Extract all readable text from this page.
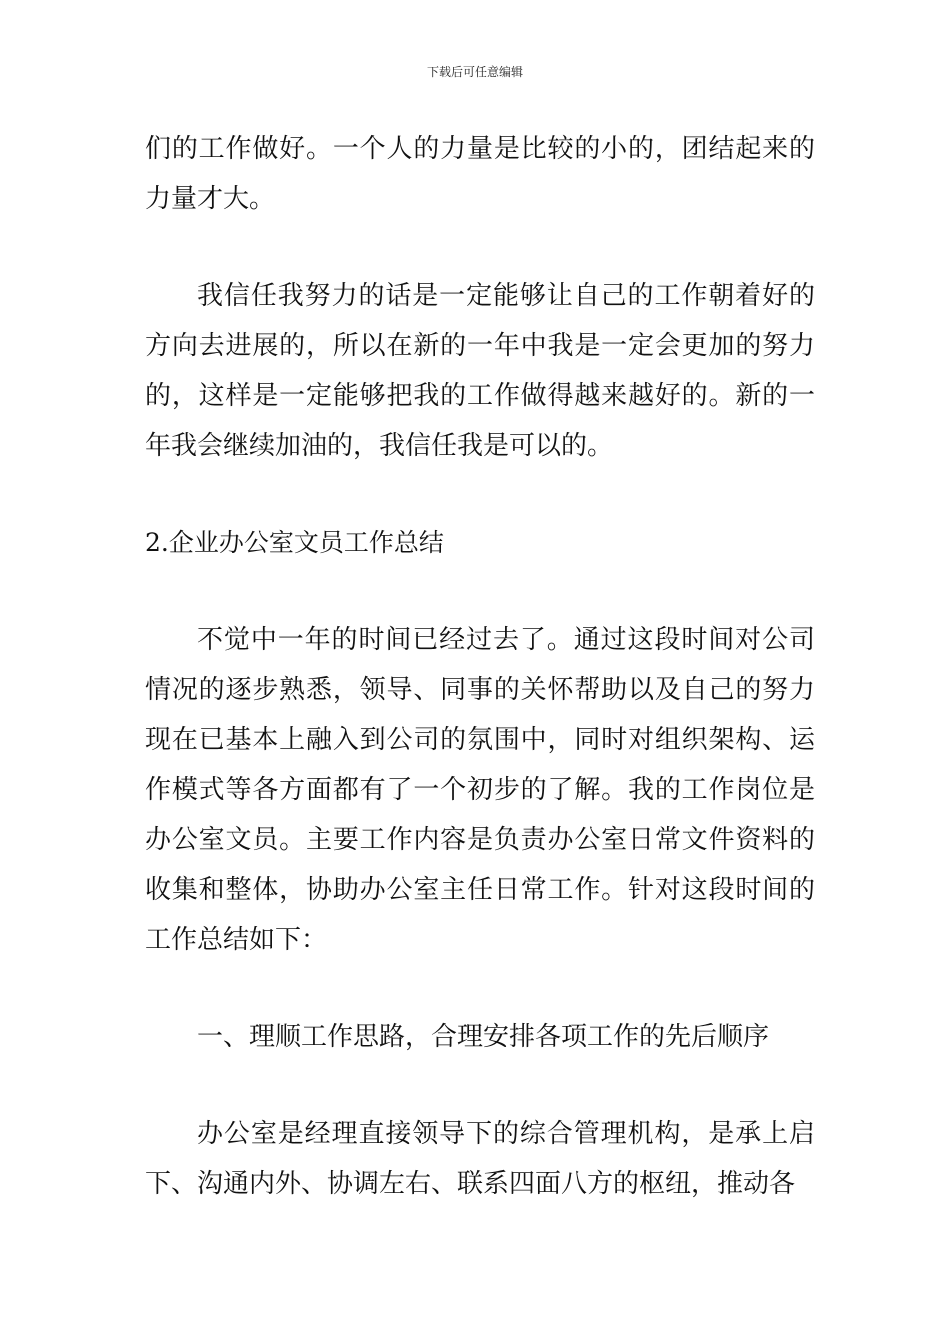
下载后可任意编辑

们的工作做好。一个人的力量是比较的小的，团结起来的力量才大。

我信任我努力的话是一定能够让自己的工作朝着好的方向去进展的，所以在新的一年中我是一定会更加的努力的，这样是一定能够把我的工作做得越来越好的。新的一年我会继续加油的，我信任我是可以的。

2.企业办公室文员工作总结

不觉中一年的时间已经过去了。通过这段时间对公司情况的逐步熟悉，领导、同事的关怀帮助以及自己的努力现在已基本上融入到公司的氛围中，同时对组织架构、运作模式等各方面都有了一个初步的了解。我的工作岗位是办公室文员。主要工作内容是负责办公室日常文件资料的收集和整体，协助办公室主任日常工作。针对这段时间的工作总结如下：

一、理顺工作思路，合理安排各项工作的先后顺序

办公室是经理直接领导下的综合管理机构，是承上启下、沟通内外、协调左右、联系四面八方的枢纽，推动各
